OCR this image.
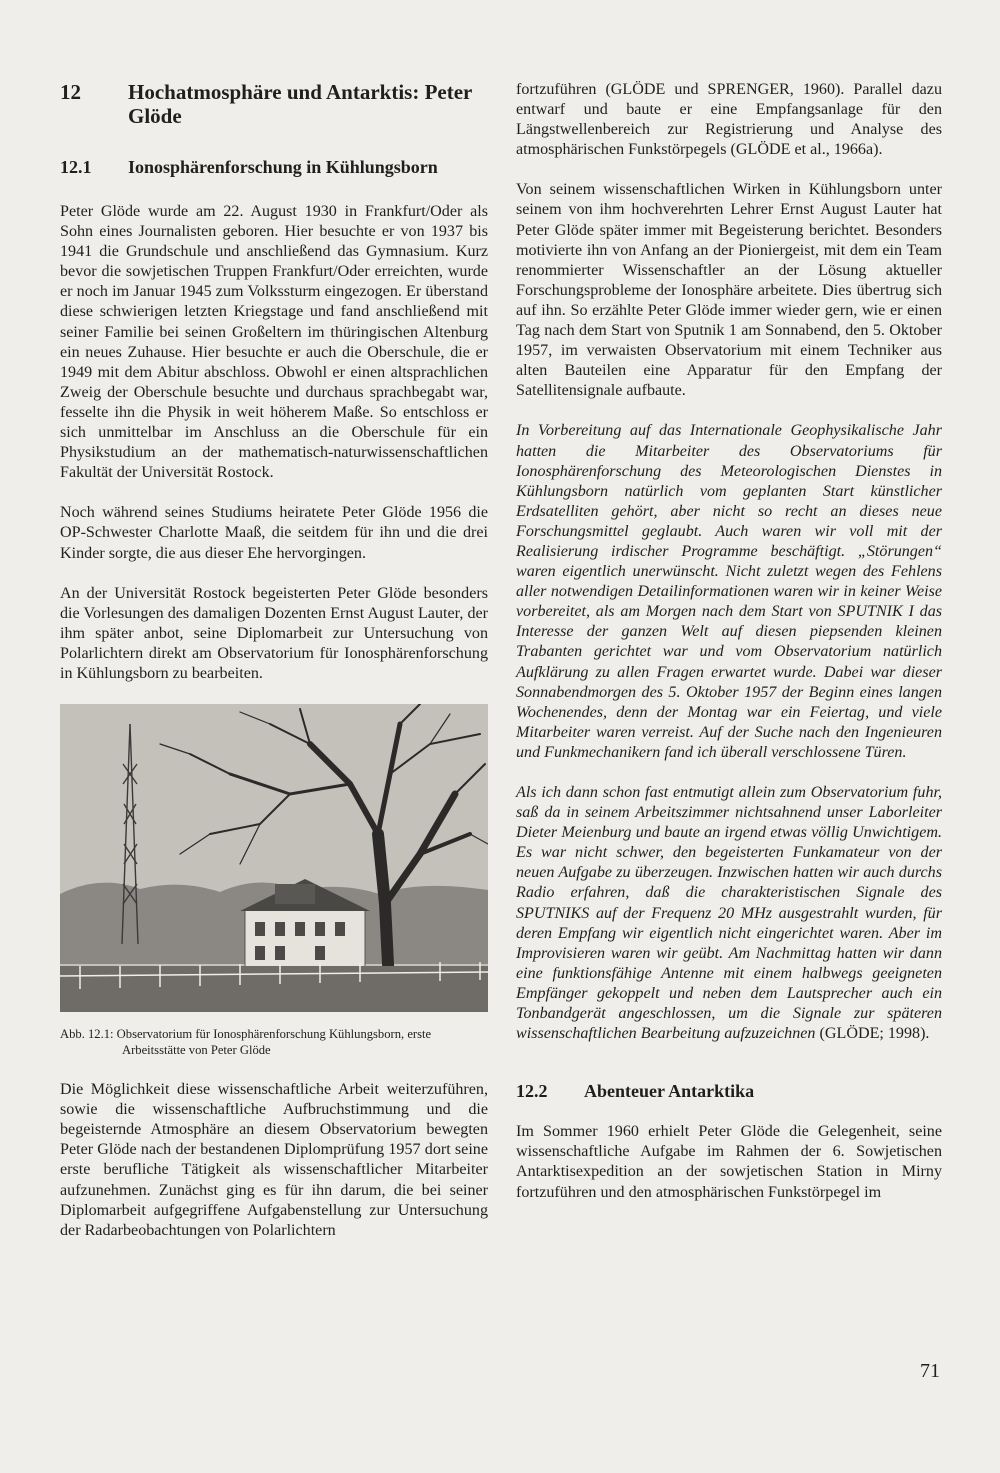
12	Hochatmosphäre und Antarktis: Peter Glöde
12.1	Ionosphärenforschung in Kühlungsborn

Peter Glöde wurde am 22. August 1930 in Frankfurt/Oder als Sohn eines Journalisten geboren. Hier besuchte er von 1937 bis 1941 die Grundschule und anschließend das Gymnasium. Kurz bevor die sowjetischen Truppen Frankfurt/Oder erreichten, wurde er noch im Januar 1945 zum Volkssturm eingezogen. Er überstand diese schwierigen letzten Kriegstage und fand anschließend mit seiner Familie bei seinen Großeltern im thüringischen Altenburg ein neues Zuhause. Hier besuchte er auch die Oberschule, die er 1949 mit dem Abitur abschloss. Obwohl er einen altsprachlichen Zweig der Oberschule besuchte und durchaus sprachbegabt war, fesselte ihn die Physik in weit höherem Maße. So entschloss er sich unmittelbar im Anschluss an die Oberschule für ein Physikstudium an der mathematisch-naturwissenschaftlichen Fakultät der Universität Rostock.

Noch während seines Studiums heiratete Peter Glöde 1956 die OP-Schwester Charlotte Maaß, die seitdem für ihn und die drei Kinder sorgte, die aus dieser Ehe hervorgingen.

An der Universität Rostock begeisterten Peter Glöde besonders die Vorlesungen des damaligen Dozenten Ernst August Lauter, der ihm später anbot, seine Diplomarbeit zur Untersuchung von Polarlichtern direkt am Observatorium für Ionosphärenforschung in Kühlungsborn zu bearbeiten.

Abb. 12.1: Observatorium für Ionosphärenforschung Kühlungsborn, erste
Arbeitsstätte von Peter Glöde

Die Möglichkeit diese wissenschaftliche Arbeit weiterzuführen, sowie die wissenschaftliche Aufbruchstimmung und die begeisternde Atmosphäre an diesem Observatorium bewegten Peter Glöde nach der bestandenen Diplomprüfung 1957 dort seine erste berufliche Tätigkeit als wissenschaftlicher Mitarbeiter aufzunehmen. Zunächst ging es für ihn darum, die bei seiner Diplomarbeit aufgegriffene Aufgabenstellung zur Untersuchung der Radarbeobachtungen von Polarlichtern

fortzuführen (GLÖDE und SPRENGER, 1960). Parallel dazu entwarf und baute er eine Empfangsanlage für den Längstwellenbereich zur Registrierung und Analyse des atmosphärischen Funkstörpegels (GLÖDE et al., 1966a).

Von seinem wissenschaftlichen Wirken in Kühlungsborn unter seinem von ihm hochverehrten Lehrer Ernst August Lauter hat Peter Glöde später immer mit Begeisterung berichtet. Besonders motivierte ihn von Anfang an der Pioniergeist, mit dem ein Team renommierter Wissenschaftler an der Lösung aktueller Forschungsprobleme der Ionosphäre arbeitete. Dies übertrug sich auf ihn. So erzählte Peter Glöde immer wieder gern, wie er einen Tag nach dem Start von Sputnik 1 am Sonnabend, den 5. Oktober 1957, im verwaisten Observatorium mit einem Techniker aus alten Bauteilen eine Apparatur für den Empfang der Satellitensignale aufbaute.

In Vorbereitung auf das Internationale Geophysikalische Jahr hatten die Mitarbeiter des Observatoriums für Ionosphärenforschung des Meteorologischen Dienstes in Kühlungsborn natürlich vom geplanten Start künstlicher Erdsatelliten gehört, aber nicht so recht an dieses neue Forschungsmittel geglaubt. Auch waren wir voll mit der Realisierung irdischer Programme beschäftigt. „Störungen“ waren eigentlich unerwünscht. Nicht zuletzt wegen des Fehlens aller notwendigen Detailinformationen waren wir in keiner Weise vorbereitet, als am Morgen nach dem Start von SPUTNIK I das Interesse der ganzen Welt auf diesen piepsenden kleinen Trabanten gerichtet war und vom Observatorium natürlich Aufklärung zu allen Fragen erwartet wurde. Dabei war dieser Sonnabendmorgen des 5. Oktober 1957 der Beginn eines langen Wochenendes, denn der Montag war ein Feiertag, und viele Mitarbeiter waren verreist. Auf der Suche nach den Ingenieuren und Funkmechanikern fand ich überall verschlossene Türen.

Als ich dann schon fast entmutigt allein zum Observatorium fuhr, saß da in seinem Arbeitszimmer nichtsahnend unser Laborleiter Dieter Meienburg und baute an irgend etwas völlig Unwichtigem. Es war nicht schwer, den begeisterten Funkamateur von der neuen Aufgabe zu überzeugen. Inzwischen hatten wir auch durchs Radio erfahren, daß die charakteristischen Signale des SPUTNIKS auf der Frequenz 20 MHz ausgestrahlt wurden, für deren Empfang wir eigentlich nicht eingerichtet waren. Aber im Improvisieren waren wir geübt. Am Nachmittag hatten wir dann eine funktionsfähige Antenne mit einem halbwegs geeigneten Empfänger gekoppelt und neben dem Lautsprecher auch ein Tonbandgerät angeschlossen, um die Signale zur späteren wissenschaftlichen Bearbeitung aufzuzeichnen (GLÖDE; 1998).

12.2	Abenteuer Antarktika

Im Sommer 1960 erhielt Peter Glöde die Gelegenheit, seine wissenschaftliche Aufgabe im Rahmen der 6. Sowjetischen Antarktisexpedition an der sowjetischen Station in Mirny fortzuführen und den atmosphärischen Funkstörpegel im

71
